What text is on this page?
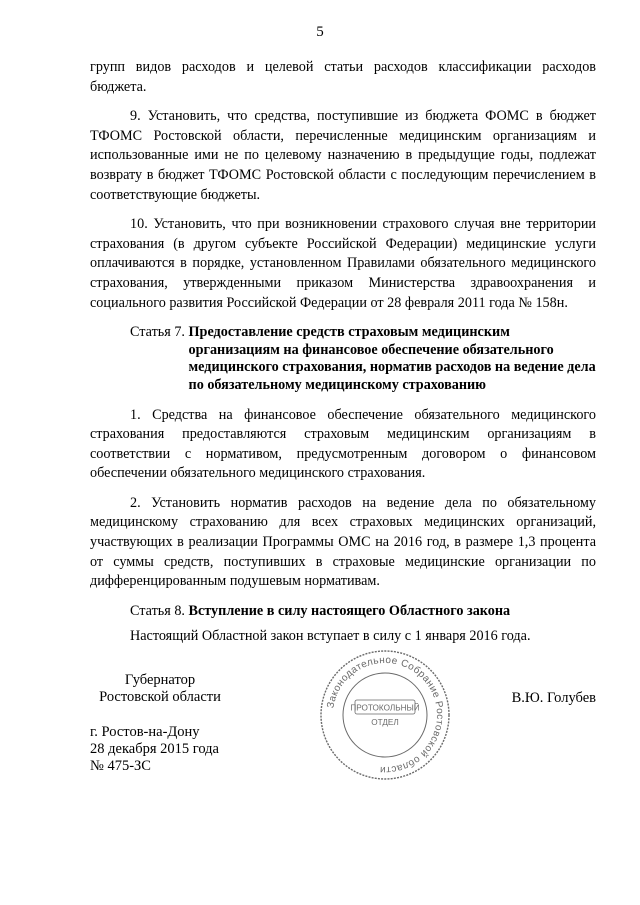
5

групп видов расходов и целевой статьи расходов классификации расходов бюджета.

9. Установить, что средства, поступившие из бюджета ФОМС в бюджет ТФОМС Ростовской области, перечисленные медицинским организациям и использованные ими не по целевому назначению в предыдущие годы, подлежат возврату в бюджет ТФОМС Ростовской области с последующим перечислением в соответствующие бюджеты.

10. Установить, что при возникновении страхового случая вне территории страхования (в другом субъекте Российской Федерации) медицинские услуги оплачиваются в порядке, установленном Правилами обязательного медицинского страхования, утвержденными приказом Министерства здравоохранения и социального развития Российской Федерации от 28 февраля 2011 года № 158н.

Статья 7. Предоставление средств страховым медицинским организациям на финансовое обеспечение обязательного медицинского страхования, норматив расходов на ведение дела по обязательному медицинскому страхованию

1. Средства на финансовое обеспечение обязательного медицинского страхования предоставляются страховым медицинским организациям в соответствии с нормативом, предусмотренным договором о финансовом обеспечении обязательного медицинского страхования.

2. Установить норматив расходов на ведение дела по обязательному медицинскому страхованию для всех страховых медицинских организаций, участвующих в реализации Программы ОМС на 2016 год, в размере 1,3 процента от суммы средств, поступивших в страховые медицинские организации по дифференцированным подушевым нормативам.

Статья 8. Вступление в силу настоящего Областного закона

Настоящий Областной закон вступает в силу с 1 января 2016 года.

Губернатор
Ростовской области	В.Ю. Голубев
г. Ростов-на-Дону
28 декабря 2015 года
№ 475-ЗС
Законодательное Собрание Ростовской области
ПРОТОКОЛЬНЫЙ
ОТДЕЛ
